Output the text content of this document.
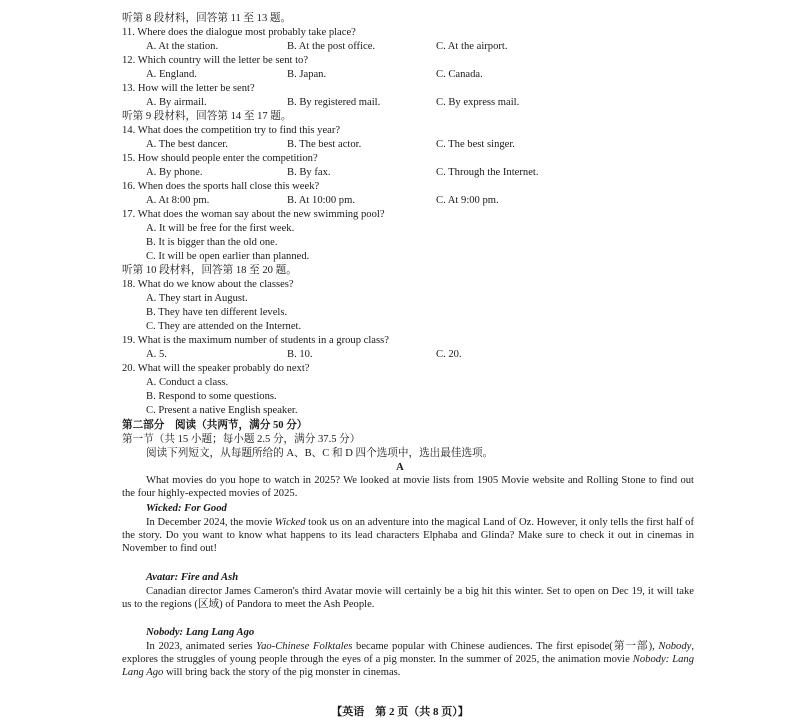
听第 8 段材料，回答第 11 至 13 题。
11. Where does the dialogue most probably take place?
A. At the station.	B. At the post office.	C. At the airport.
12. Which country will the letter be sent to?
A. England.	B. Japan.	C. Canada.
13. How will the letter be sent?
A. By airmail.	B. By registered mail.	C. By express mail.
听第 9 段材料，回答第 14 至 17 题。
14. What does the competition try to find this year?
A. The best dancer.	B. The best actor.	C. The best singer.
15. How should people enter the competition?
A. By phone.	B. By fax.	C. Through the Internet.
16. When does the sports hall close this week?
A. At 8:00 pm.	B. At 10:00 pm.	C. At 9:00 pm.
17. What does the woman say about the new swimming pool?
A. It will be free for the first week.
B. It is bigger than the old one.
C. It will be open earlier than planned.
听第 10 段材料，回答第 18 至 20 题。
18. What do we know about the classes?
A. They start in August.
B. They have ten different levels.
C. They are attended on the Internet.
19. What is the maximum number of students in a group class?
A. 5.	B. 10.	C. 20.
20. What will the speaker probably do next?
A. Conduct a class.
B. Respond to some questions.
C. Present a native English speaker.
第二部分　阅读（共两节，满分 50 分）
第一节（共 15 小题；每小题 2.5 分，满分 37.5 分）
阅读下列短文，从每题所给的 A、B、C 和 D 四个选项中，选出最佳选项。
A
What movies do you hope to watch in 2025? We looked at movie lists from 1905 Movie website and Rolling Stone to find out the four highly-expected movies of 2025.
Wicked: For Good
In December 2024, the movie Wicked took us on an adventure into the magical Land of Oz. However, it only tells the first half of the story. Do you want to know what happens to its lead characters Elphaba and Glinda? Make sure to check it out in cinemas in November to find out!
Avatar: Fire and Ash
Canadian director James Cameron's third Avatar movie will certainly be a big hit this winter. Set to open on Dec 19, it will take us to the regions (区域) of Pandora to meet the Ash People.
Nobody: Lang Lang Ago
In 2023, animated series Yao-Chinese Folktales became popular with Chinese audiences. The first episode(第一部), Nobody, explores the struggles of young people through the eyes of a pig monster. In the summer of 2025, the animation movie Nobody: Lang Lang Ago will bring back the story of the pig monster in cinemas.
【英语　第 2 页（共 8 页）】
